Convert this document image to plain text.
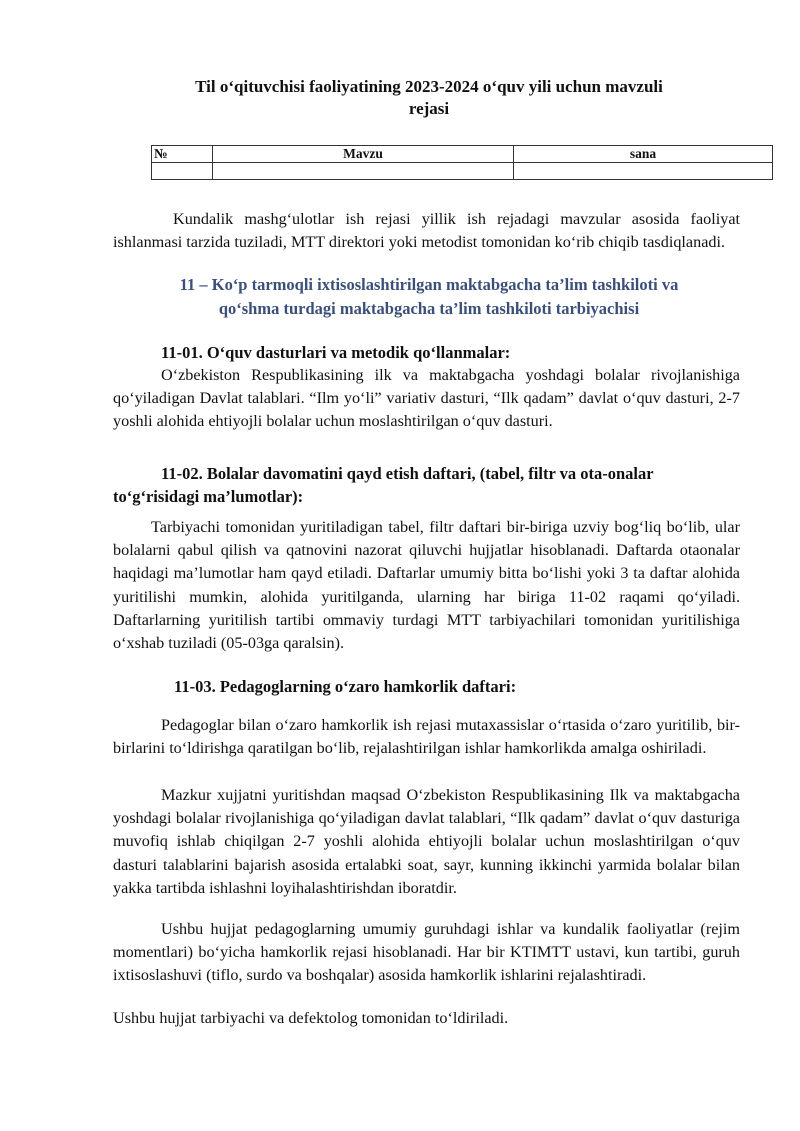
Til o‘qituvchisi faoliyatining 2023-2024 o‘quv yili uchun mavzuli
rejasi
№	Mavzu	sana

Kundalik mashg‘ulotlar ish rejasi yillik ish rejadagi mavzular asosida faoliyat ishlanmasi tarzida tuziladi, MTT direktori yoki metodist tomonidan ko‘rib chiqib tasdiqlanadi.

11 – Ko‘p tarmoqli ixtisoslashtirilgan maktabgacha ta’lim tashkiloti va
qo‘shma turdagi maktabgacha ta’lim tashkiloti tarbiyachisi

11-01. O‘quv dasturlari va metodik qo‘llanmalar:

O‘zbekiston Respublikasining ilk va maktabgacha yoshdagi bolalar rivojlanishiga qo‘yiladigan Davlat talablari. “Ilm yo‘li” variativ dasturi, “Ilk qadam” davlat o‘quv dasturi, 2-7 yoshli alohida ehtiyojli bolalar uchun moslashtirilgan o‘quv dasturi.

11-02. Bolalar davomatini qayd etish daftari, (tabel, filtr va ota-onalar

to‘g‘risidagi ma’lumotlar):

Tarbiyachi tomonidan yuritiladigan tabel, filtr daftari bir-biriga uzviy bog‘liq bo‘lib, ular bolalarni qabul qilish va qatnovini nazorat qiluvchi hujjatlar hisoblanadi. Daftarda otaonalar haqidagi ma’lumotlar ham qayd etiladi. Daftarlar umumiy bitta bo‘lishi yoki 3 ta daftar alohida yuritilishi mumkin, alohida yuritilganda, ularning har biriga 11-02 raqami qo‘yiladi. Daftarlarning yuritilish tartibi ommaviy turdagi MTT tarbiyachilari tomonidan yuritilishiga o‘xshab tuziladi (05-03ga qaralsin).

11-03. Pedagoglarning o‘zaro hamkorlik daftari:

Pedagoglar bilan o‘zaro hamkorlik ish rejasi mutaxassislar o‘rtasida o‘zaro yuritilib, bir-birlarini to‘ldirishga qaratilgan bo‘lib, rejalashtirilgan ishlar hamkorlikda amalga oshiriladi.

Mazkur xujjatni yuritishdan maqsad O‘zbekiston Respublikasining Ilk va maktabgacha yoshdagi bolalar rivojlanishiga qo‘yiladigan davlat talablari, “Ilk qadam” davlat o‘quv dasturiga muvofiq ishlab chiqilgan 2-7 yoshli alohida ehtiyojli bolalar uchun moslashtirilgan o‘quv dasturi talablarini bajarish asosida ertalabki soat, sayr, kunning ikkinchi yarmida bolalar bilan yakka tartibda ishlashni loyihalashtirishdan iboratdir.

Ushbu hujjat pedagoglarning umumiy guruhdagi ishlar va kundalik faoliyatlar (rejim momentlari) bo‘yicha hamkorlik rejasi hisoblanadi. Har bir KTIMTT ustavi, kun tartibi, guruh ixtisoslashuvi (tiflo, surdo va boshqalar) asosida hamkorlik ishlarini rejalashtiradi.

Ushbu hujjat tarbiyachi va defektolog tomonidan to‘ldiriladi.
